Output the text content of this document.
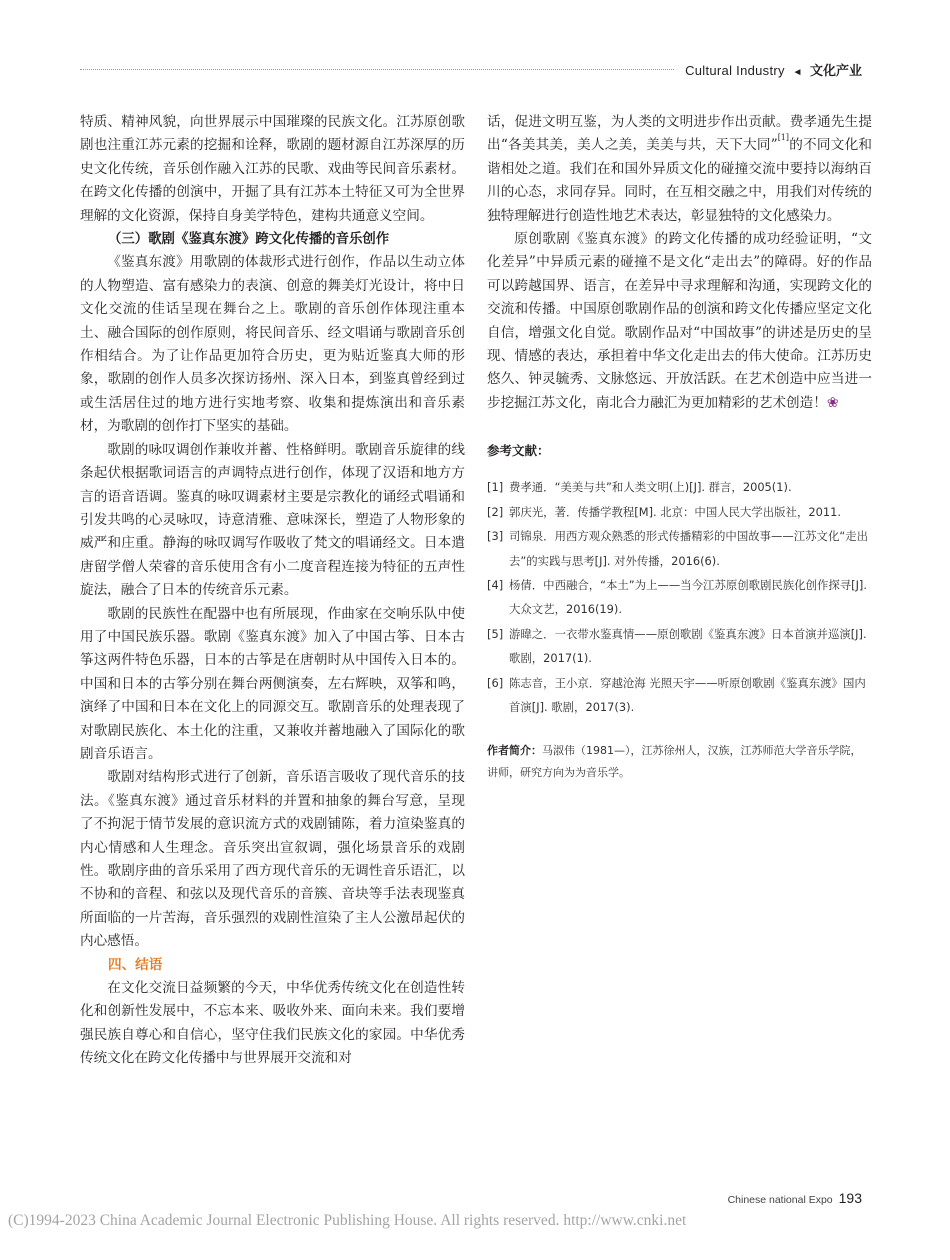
Cultural Industry ◄ 文化产业

特质、精神风貌，向世界展示中国璀璨的民族文化。江苏原创歌剧也注重江苏元素的挖掘和诠释，歌剧的题材源自江苏深厚的历史文化传统，音乐创作融入江苏的民歌、戏曲等民间音乐素材。在跨文化传播的创演中，开掘了具有江苏本土特征又可为全世界理解的文化资源，保持自身美学特色，建构共通意义空间。

（三）歌剧《鉴真东渡》跨文化传播的音乐创作

《鉴真东渡》用歌剧的体裁形式进行创作，作品以生动立体的人物塑造、富有感染力的表演、创意的舞美灯光设计，将中日文化交流的佳话呈现在舞台之上。歌剧的音乐创作体现注重本土、融合国际的创作原则，将民间音乐、经文唱诵与歌剧音乐创作相结合。为了让作品更加符合历史，更为贴近鉴真大师的形象，歌剧的创作人员多次探访扬州、深入日本，到鉴真曾经到过或生活居住过的地方进行实地考察、收集和提炼演出和音乐素材，为歌剧的创作打下坚实的基础。

歌剧的咏叹调创作兼收并蓄、性格鲜明。歌剧音乐旋律的线条起伏根据歌词语言的声调特点进行创作，体现了汉语和地方方言的语音语调。鉴真的咏叹调素材主要是宗教化的诵经式唱诵和引发共鸣的心灵咏叹，诗意清雅、意味深长，塑造了人物形象的威严和庄重。静海的咏叹调写作吸收了梵文的唱诵经文。日本遣唐留学僧人荣睿的音乐使用含有小二度音程连接为特征的五声性旋法，融合了日本的传统音乐元素。

歌剧的民族性在配器中也有所展现，作曲家在交响乐队中使用了中国民族乐器。歌剧《鉴真东渡》加入了中国古筝、日本古筝这两件特色乐器，日本的古筝是在唐朝时从中国传入日本的。中国和日本的古筝分别在舞台两侧演奏，左右辉映，双筝和鸣，演绎了中国和日本在文化上的同源交互。歌剧音乐的处理表现了对歌剧民族化、本土化的注重，又兼收并蓄地融入了国际化的歌剧音乐语言。

歌剧对结构形式进行了创新，音乐语言吸收了现代音乐的技法。《鉴真东渡》通过音乐材料的并置和抽象的舞台写意，呈现了不拘泥于情节发展的意识流方式的戏剧铺陈，着力渲染鉴真的内心情感和人生理念。音乐突出宣叙调，强化场景音乐的戏剧性。歌剧序曲的音乐采用了西方现代音乐的无调性音乐语汇，以不协和的音程、和弦以及现代音乐的音簇、音块等手法表现鉴真所面临的一片苦海，音乐强烈的戏剧性渲染了主人公激昂起伏的内心感悟。

四、结语

在文化交流日益频繁的今天，中华优秀传统文化在创造性转化和创新性发展中，不忘本来、吸收外来、面向未来。我们要增强民族自尊心和自信心，坚守住我们民族文化的家园。中华优秀传统文化在跨文化传播中与世界展开交流和对

话，促进文明互鉴，为人类的文明进步作出贡献。费孝通先生提出“各美其美，美人之美，美美与共，天下大同”[1]的不同文化和谐相处之道。我们在和国外异质文化的碰撞交流中要持以海纳百川的心态，求同存异。同时，在互相交融之中，用我们对传统的独特理解进行创造性地艺术表达，彰显独特的文化感染力。

原创歌剧《鉴真东渡》的跨文化传播的成功经验证明，“文化差异”中异质元素的碰撞不是文化“走出去”的障碍。好的作品可以跨越国界、语言，在差异中寻求理解和沟通，实现跨文化的交流和传播。中国原创歌剧作品的创演和跨文化传播应坚定文化自信，增强文化自觉。歌剧作品对“中国故事”的讲述是历史的呈现、情感的表达，承担着中华文化走出去的伟大使命。江苏历史悠久、钟灵毓秀、文脉悠远、开放活跃。在艺术创造中应当进一步挖掘江苏文化，南北合力融汇为更加精彩的艺术创造！❀

参考文献：
[1] 费孝通．“美美与共”和人类文明(上)[J]. 群言，2005(1).
[2] 郭庆光，著．传播学教程[M]. 北京：中国人民大学出版社，2011.
[3] 司锦泉．用西方观众熟悉的形式传播精彩的中国故事——江苏文化“走出去”的实践与思考[J]. 对外传播，2016(6).
[4] 杨倩．中西融合，“本土”为上——当今江苏原创歌剧民族化创作探寻[J]. 大众文艺，2016(19).
[5] 游暐之．一衣带水鉴真情——原创歌剧《鉴真东渡》日本首演并巡演[J]. 歌剧，2017(1).
[6] 陈志音，王小京．穿越沧海 光照天宇——听原创歌剧《鉴真东渡》国内首演[J]. 歌剧，2017(3).
作者简介：马淑伟（1981—），江苏徐州人，汉族，江苏师范大学音乐学院，讲师，研究方向为为音乐学。
Chinese national Expo 193
(C)1994-2023 China Academic Journal Electronic Publishing House. All rights reserved. http://www.cnki.net
